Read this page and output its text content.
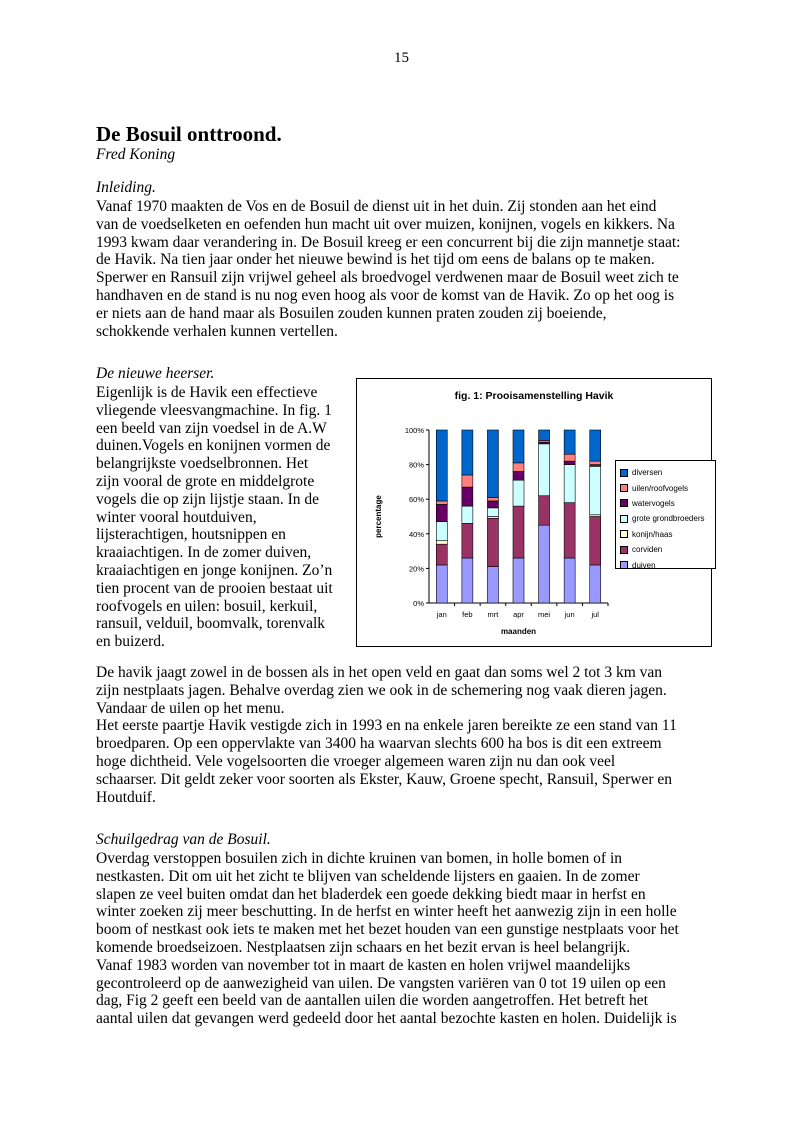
15
De Bosuil onttroond.
Fred Koning
Inleiding.
Vanaf 1970 maakten de Vos en de Bosuil de dienst uit in het duin. Zij stonden aan het eind
van de voedselketen en oefenden hun macht uit over muizen, konijnen, vogels en kikkers. Na
1993 kwam daar verandering in. De Bosuil kreeg er een concurrent bij die zijn mannetje staat:
de Havik. Na tien jaar onder het nieuwe bewind is het tijd om eens de balans op te maken.
Sperwer en Ransuil zijn vrijwel geheel als broedvogel verdwenen maar de Bosuil weet zich te
handhaven en de stand is nu nog even hoog als voor de komst van de Havik. Zo op het oog is
er niets aan de hand maar als Bosuilen zouden kunnen praten zouden zij boeiende,
schokkende verhalen kunnen vertellen.
De nieuwe heerser.
Eigenlijk is de Havik een effectieve
vliegende vleesvangmachine. In fig. 1
een beeld van zijn voedsel in de A.W
duinen.Vogels en konijnen vormen de
belangrijkste voedselbronnen. Het
zijn vooral de grote en middelgrote
vogels die op zijn lijstje staan. In de
winter vooral houtduiven,
lijsterachtigen, houtsnippen en
kraaiachtigen. In de zomer duiven,
kraaiachtigen en jonge konijnen. Zo’n
tien procent van de prooien bestaat uit
roofvogels en uilen: bosuil, kerkuil,
ransuil, velduil, boomvalk, torenvalk
en buizerd.
De havik jaagt zowel in de bossen als in het open veld en gaat dan soms wel 2 tot 3 km van
zijn nestplaats jagen. Behalve overdag zien we ook in de schemering nog vaak dieren jagen.
Vandaar de uilen op het menu.
Het eerste paartje Havik vestigde zich in 1993 en na enkele jaren bereikte ze een stand van 11
broedparen. Op een oppervlakte van 3400 ha waarvan slechts 600 ha bos is dit een extreem
hoge dichtheid. Vele vogelsoorten die vroeger algemeen waren zijn nu dan ook veel
schaarser. Dit geldt zeker voor soorten als Ekster, Kauw, Groene specht, Ransuil, Sperwer en
Houtduif.
Schuilgedrag van de Bosuil.
Overdag verstoppen bosuilen zich in dichte kruinen van bomen, in holle bomen of in
nestkasten. Dit om uit het zicht te blijven van scheldende lijsters en gaaien. In de zomer
slapen ze veel buiten omdat dan het bladerdek een goede dekking biedt maar in herfst en
winter zoeken zij meer beschutting. In de herfst en winter heeft het aanwezig zijn in een holle
boom of nestkast ook iets te maken met het bezet houden van een gunstige nestplaats voor het
komende broedseizoen. Nestplaatsen zijn schaars en het bezit ervan is heel belangrijk.
Vanaf 1983 worden van november tot in maart de kasten en holen vrijwel maandelijks
gecontroleerd op de aanwezigheid van uilen. De vangsten variëren van 0 tot 19 uilen op een
dag, Fig 2 geeft een beeld van de aantallen uilen die worden aangetroffen. Het betreft het
aantal uilen dat gevangen werd gedeeld door het aantal bezochte kasten en holen. Duidelijk is
fig. 1: Prooisamenstelling Havik
0%
20%
40%
60%
80%
100%
jan feb mrt apr mei jun jul
maanden
percentage
diversen
uilen/roofvogels
watervogels
grote grondbroeders
konijn/haas
corviden
duiven
